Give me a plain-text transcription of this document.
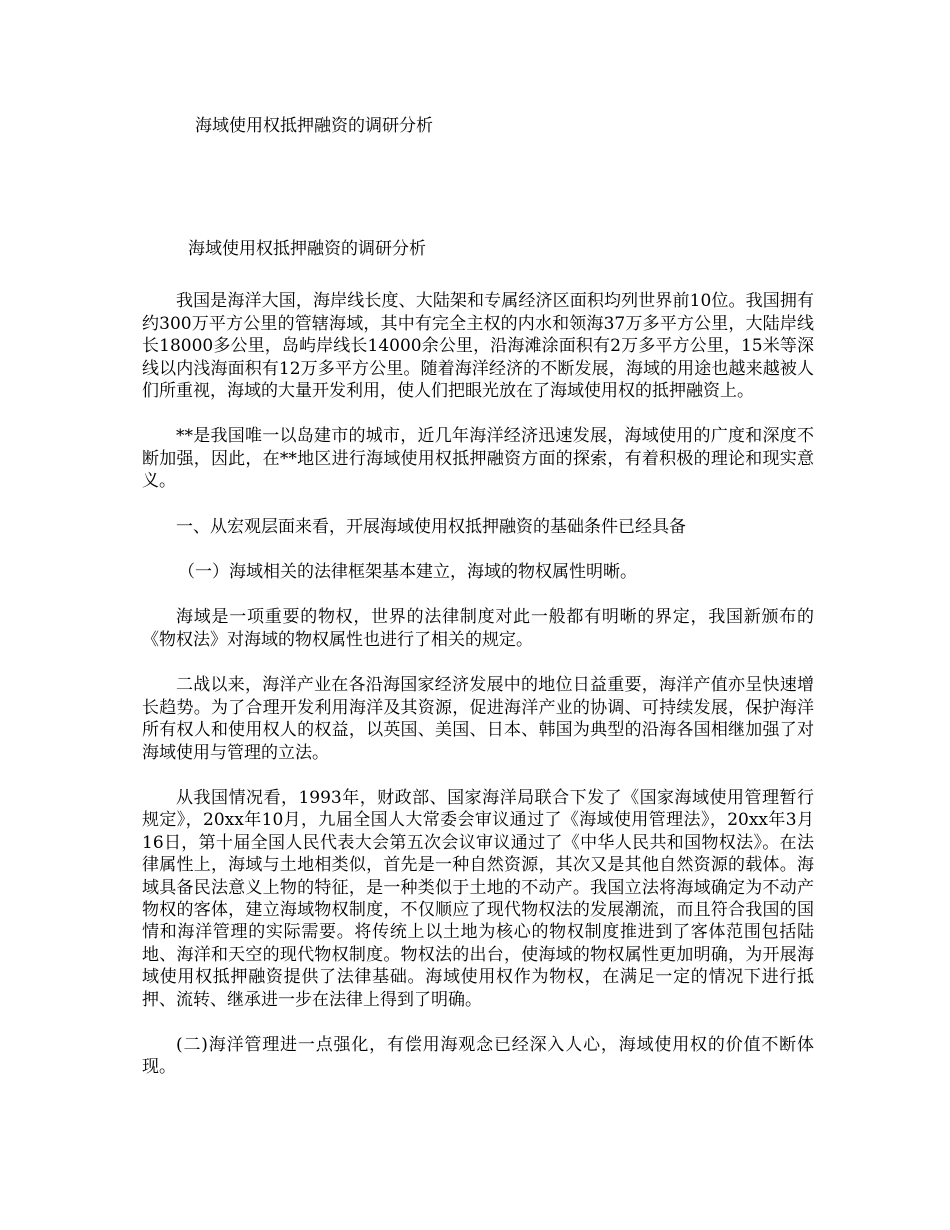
海域使用权抵押融资的调研分析

海域使用权抵押融资的调研分析

我国是海洋大国，海岸线长度、大陆架和专属经济区面积均列世界前10位。我国拥有约300万平方公里的管辖海域，其中有完全主权的内水和领海37万多平方公里，大陆岸线长18000多公里，岛屿岸线长14000余公里，沿海滩涂面积有2万多平方公里，15米等深线以内浅海面积有12万多平方公里。随着海洋经济的不断发展，海域的用途也越来越被人们所重视，海域的大量开发利用，使人们把眼光放在了海域使用权的抵押融资上。

**是我国唯一以岛建市的城市，近几年海洋经济迅速发展，海域使用的广度和深度不断加强，因此，在**地区进行海域使用权抵押融资方面的探索，有着积极的理论和现实意义。

一、从宏观层面来看，开展海域使用权抵押融资的基础条件已经具备

（一）海域相关的法律框架基本建立，海域的物权属性明晰。

海域是一项重要的物权，世界的法律制度对此一般都有明晰的界定，我国新颁布的《物权法》对海域的物权属性也进行了相关的规定。

二战以来，海洋产业在各沿海国家经济发展中的地位日益重要，海洋产值亦呈快速增长趋势。为了合理开发利用海洋及其资源，促进海洋产业的协调、可持续发展，保护海洋所有权人和使用权人的权益，以英国、美国、日本、韩国为典型的沿海各国相继加强了对海域使用与管理的立法。

从我国情况看，1993年，财政部、国家海洋局联合下发了《国家海域使用管理暂行规定》，20xx年10月，九届全国人大常委会审议通过了《海域使用管理法》，20xx年3月16日，第十届全国人民代表大会第五次会议审议通过了《中华人民共和国物权法》。在法律属性上，海域与土地相类似，首先是一种自然资源，其次又是其他自然资源的载体。海域具备民法意义上物的特征，是一种类似于土地的不动产。我国立法将海域确定为不动产物权的客体，建立海域物权制度，不仅顺应了现代物权法的发展潮流，而且符合我国的国情和海洋管理的实际需要。将传统上以土地为核心的物权制度推进到了客体范围包括陆地、海洋和天空的现代物权制度。物权法的出台，使海域的物权属性更加明确，为开展海域使用权抵押融资提供了法律基础。海域使用权作为物权，在满足一定的情况下进行抵押、流转、继承进一步在法律上得到了明确。

(二)海洋管理进一点强化，有偿用海观念已经深入人心，海域使用权的价值不断体现。
